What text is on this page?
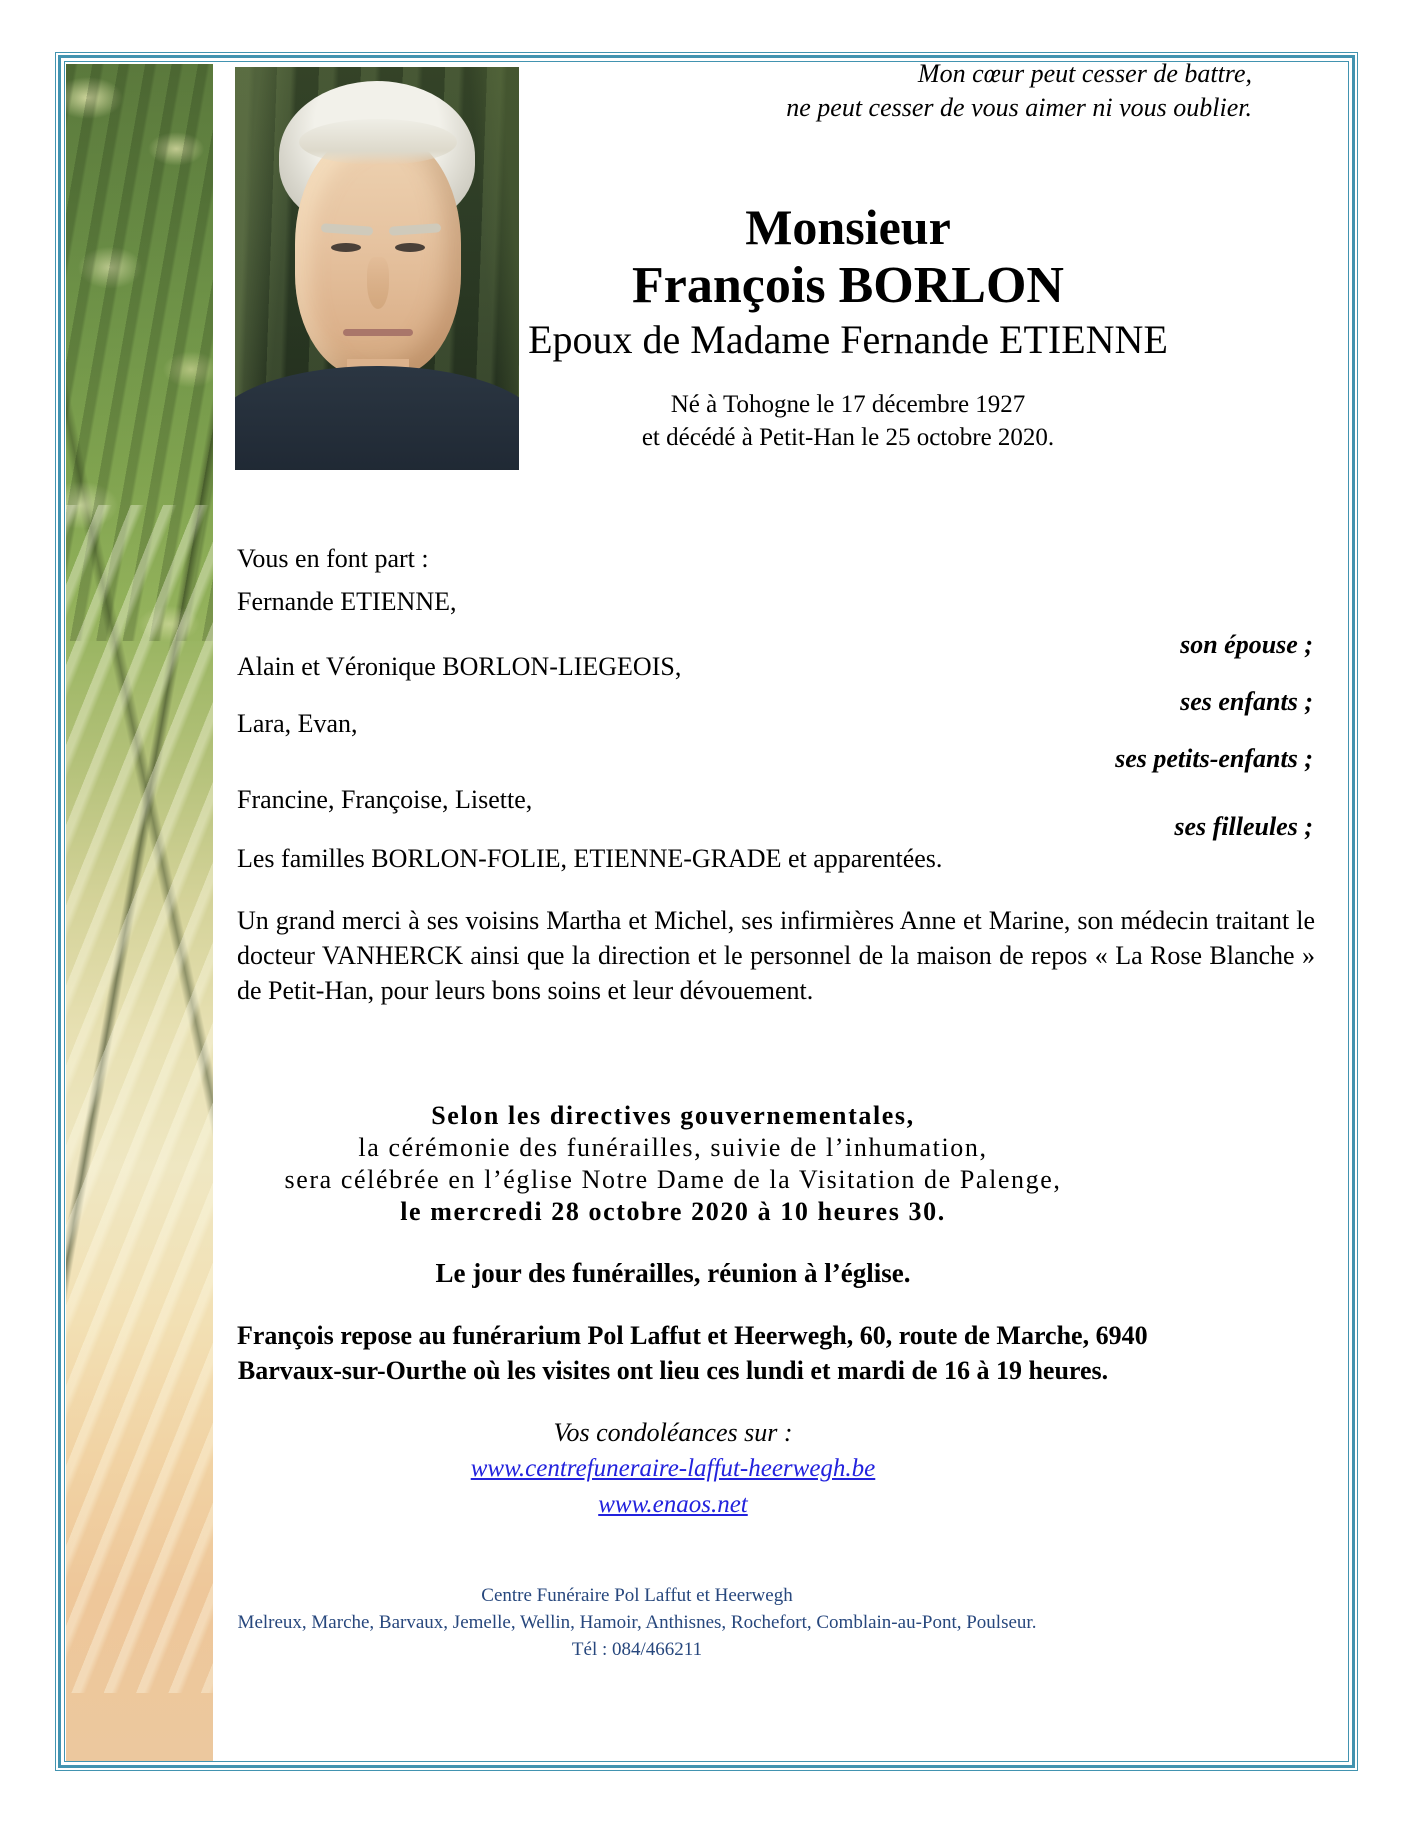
Mon cœur peut cesser de battre,
ne peut cesser de vous aimer ni vous oublier.
Monsieur
François BORLON
Epoux de Madame Fernande ETIENNE
Né à Tohogne le 17 décembre 1927
et décédé à Petit-Han le 25 octobre 2020.
Vous en font part :
Fernande ETIENNE,
son épouse ;
Alain et Véronique BORLON-LIEGEOIS,
ses enfants ;
Lara, Evan,
ses petits-enfants ;
Francine, Françoise, Lisette,
ses filleules ;
Les familles BORLON-FOLIE, ETIENNE-GRADE et apparentées.
Un grand merci à ses voisins Martha et Michel, ses infirmières Anne et Marine, son médecin traitant le docteur VANHERCK ainsi que la direction et le personnel de la maison de repos « La Rose Blanche » de Petit-Han, pour leurs bons soins et leur dévouement.
Selon les directives gouvernementales,
la cérémonie des funérailles, suivie de l’inhumation,
sera célébrée en l’église Notre Dame de la Visitation de Palenge,
le mercredi 28 octobre 2020 à 10 heures 30.
Le jour des funérailles, réunion à l’église.
François repose au funérarium Pol Laffut et Heerwegh, 60, route de Marche, 6940
Barvaux-sur-Ourthe où les visites ont lieu ces lundi et mardi de 16 à 19 heures.
Vos condoléances sur :
www.centrefuneraire-laffut-heerwegh.be
www.enaos.net
Centre Funéraire Pol Laffut et Heerwegh
Melreux, Marche, Barvaux, Jemelle, Wellin, Hamoir, Anthisnes, Rochefort, Comblain-au-Pont, Poulseur.
Tél : 084/466211
